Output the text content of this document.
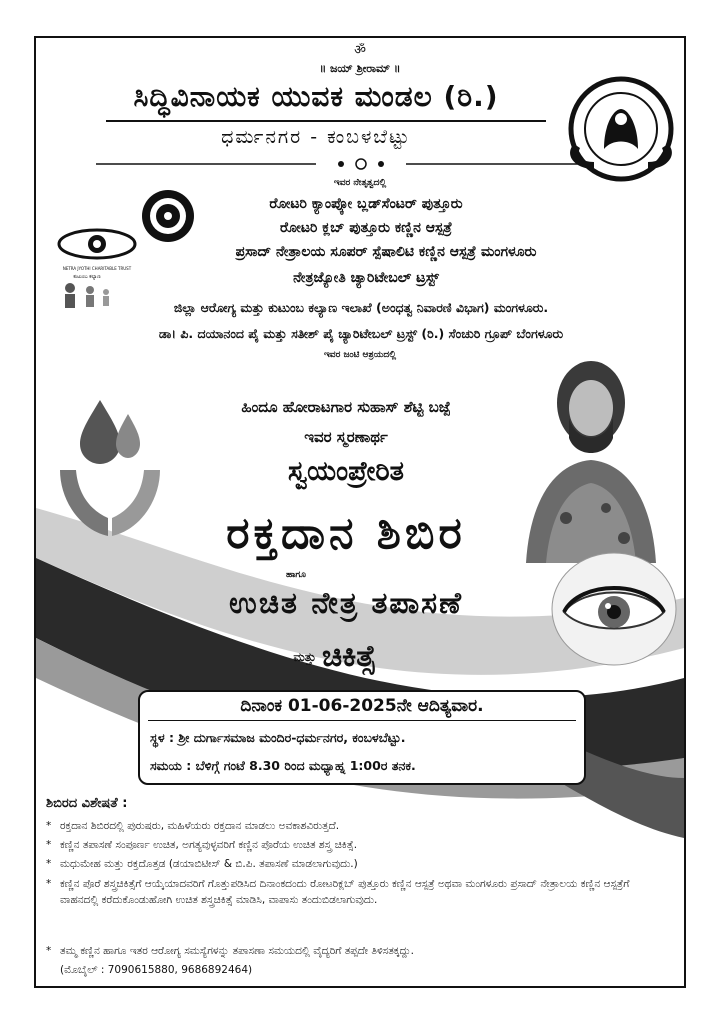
ॐ
॥ ಜಯ್ ಶ್ರೀರಾಮ್ ॥
ಸಿದ್ಧಿವಿನಾಯಕ ಯುವಕ ಮಂಡಲ (ರಿ.)
ಧರ್ಮನಗರ - ಕಂಬಳಬೆಟ್ಟು
ಇವರ ನೇತೃತ್ವದಲ್ಲಿ
NETRA JYOTHI CHARITABLE TRUST
ಕುಟುಂಬ ಕಲ್ಯಾಣ
ರೋಟರಿ ಕ್ಯಾಂಪ್ಕೋ ಬ್ಲಡ್‌ಸೆಂಟರ್ ಪುತ್ತೂರು
ರೋಟರಿ ಕ್ಲಬ್ ಪುತ್ತೂರು ಕಣ್ಣಿನ ಆಸ್ಪತ್ರೆ
ಪ್ರಸಾದ್ ನೇತ್ರಾಲಯ ಸೂಪರ್ ಸ್ಪೆಷಾಲಿಟಿ ಕಣ್ಣಿನ ಆಸ್ಪತ್ರೆ ಮಂಗಳೂರು
ನೇತ್ರಜ್ಯೋತಿ ಚ್ಯಾರಿಟೇಬಲ್ ಟ್ರಸ್ಟ್
ಜಿಲ್ಲಾ ಆರೋಗ್ಯ ಮತ್ತು ಕುಟುಂಬ ಕಲ್ಯಾಣ ಇಲಾಖೆ (ಅಂಧತ್ವ ನಿವಾರಣಿ ವಿಭಾಗ) ಮಂಗಳೂರು.
ಡಾ। ಪಿ. ದಯಾನಂದ ಪೈ ಮತ್ತು ಸತೀಶ್ ಪೈ ಚ್ಯಾರಿಟೇಬಲ್ ಟ್ರಸ್ಟ್ (ರಿ.) ಸೆಂಚುರಿ ಗ್ರೂಪ್ ಬೆಂಗಳೂರು
ಇವರ ಜಂಟಿ ಆಶ್ರಯದಲ್ಲಿ
ಹಿಂದೂ ಹೋರಾಟಗಾರ ಸುಹಾಸ್ ಶೆಟ್ಟಿ ಬಜ್ಪೆ
ಇವರ ಸ್ಮರಣಾರ್ಥ
ಸ್ವಯಂಪ್ರೇರಿತ
ರಕ್ತದಾನ ಶಿಬಿರ
ಹಾಗೂ
ಉಚಿತ ನೇತ್ರ ತಪಾಸಣೆ
ಮತ್ತು ಚಿಕಿತ್ಸೆ
ದಿನಾಂಕ 01-06-2025ನೇ ಆದಿತ್ಯವಾರ.
ಸ್ಥಳ : ಶ್ರೀ ದುರ್ಗಾಸಮಾಜ ಮಂದಿರ-ಧರ್ಮನಗರ, ಕಂಬಳಬೆಟ್ಟು.
ಸಮಯ : ಬೆಳಿಗ್ಗೆ ಗಂಟೆ 8.30 ರಿಂದ ಮಧ್ಯಾಹ್ನ 1:00ರ ತನಕ.
ಶಿಬಿರದ ವಿಶೇಷತೆ :
* ರಕ್ತದಾನ ಶಿಬಿರದಲ್ಲಿ ಪುರುಷರು, ಮಹಿಳೆಯರು ರಕ್ತದಾನ ಮಾಡಲು ಅವಕಾಶವಿರುತ್ತದೆ.
* ಕಣ್ಣಿನ ತಪಾಸಣೆ ಸಂಪೂರ್ಣ ಉಚಿತ, ಅಗತ್ಯವುಳ್ಳವರಿಗೆ ಕಣ್ಣಿನ ಪೊರೆಯ ಉಚಿತ ಶಸ್ತ್ರ ಚಿಕಿತ್ಸೆ.
* ಮಧುಮೇಹ ಮತ್ತು ರಕ್ತದೊತ್ತಡ (ಡಯಾಬಿಟೀಸ್ & ಬಿ.ಪಿ. ತಪಾಸಣೆ ಮಾಡಲಾಗುವುದು.)
* ಕಣ್ಣಿನ ಪೊರೆ ಶಸ್ತ್ರಚಿಕಿತ್ಸೆಗೆ ಆಯ್ಕೆಯಾದವರಿಗೆ ಗೊತ್ತುಪಡಿಸಿದ ದಿನಾಂಕದಂದು ರೋಟರಿಕ್ಲಬ್ ಪುತ್ತೂರು ಕಣ್ಣಿನ ಆಸ್ಪತ್ರೆ ಅಥವಾ ಮಂಗಳೂರು ಪ್ರಸಾದ್ ನೇತ್ರಾಲಯ ಕಣ್ಣಿನ ಆಸ್ಪತ್ರೆಗೆ ವಾಹನದಲ್ಲಿ ಕರೆದುಕೊಂಡುಹೋಗಿ ಉಚಿತ ಶಸ್ತ್ರಚಿಕಿತ್ಸೆ ಮಾಡಿಸಿ, ವಾಪಾಸು ತಂದುಬಿಡಲಾಗುವುದು.
* ತಮ್ಮ ಕಣ್ಣಿನ ಹಾಗೂ ಇತರ ಆರೋಗ್ಯ ಸಮಸ್ಯೆಗಳನ್ನು ತಪಾಸಣಾ ಸಮಯದಲ್ಲಿ ವೈದ್ಯರಿಗೆ ತಪ್ಪದೇ ತಿಳಿಸತಕ್ಕದ್ದು.
(ಮೊಬೈಲ್ : 7090615880, 9686892464)
